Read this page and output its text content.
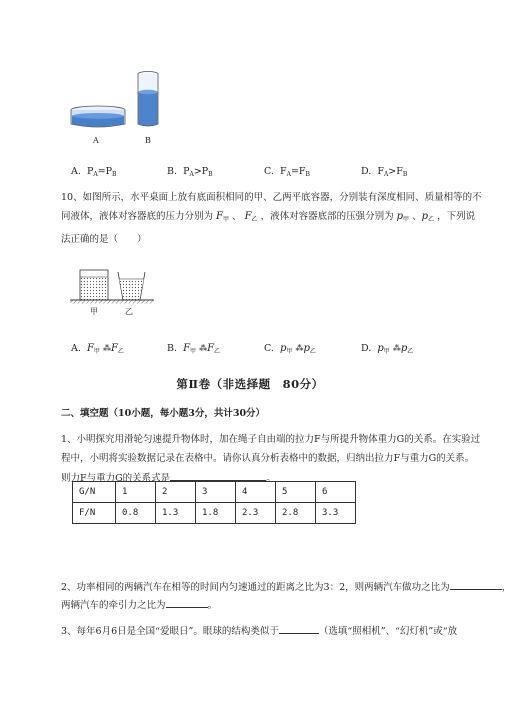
A	B
A. $P_A=P_B$	B. $P_A>P_B$	C. $F_A=F_B$	D. $F_A>F_B$
10、如图所示，水平桌面上放有底面积相同的甲、乙两平底容器，分别装有深度相同、质量相等的不
同液体，液体对容器底的压力分别为 $F_甲$ 、 $F_乙$ ，液体对容器底部的压强分别为 $p_甲$ 、$p_乙$ ，下列说
法正确的是（　　）
甲	乙
A. $F_甲$ $⁂F_乙$	B. $F_甲$ $⁂F_乙$	C. $p_甲$ $⁂p_乙$	D. $p_甲$ $⁂p_乙$
第Ⅱ卷（非选择题　80分）
二、填空题（10小题，每小题3分，共计30分）
1、小明探究用滑轮匀速提升物体时，加在绳子自由端的拉力F与所提升物体重力G的关系。在实验过
程中，小明将实验数据记录在表格中。请你认真分析表格中的数据，归纳出拉力F与重力G的关系。
则力F与重力G的关系式是	。
G/N	1	2	3	4	5	6
F/N	0.8	1.3	1.8	2.3	2.8	3.3
2、功率相同的两辆汽车在相等的时间内匀速通过的距离之比为3：2，则两辆汽车做功之比为	，
两辆汽车的牵引力之比为	。
3、每年6月6日是全国“爱眼日”。眼球的结构类似于	（选填“照相机”、“幻灯机”或“放
